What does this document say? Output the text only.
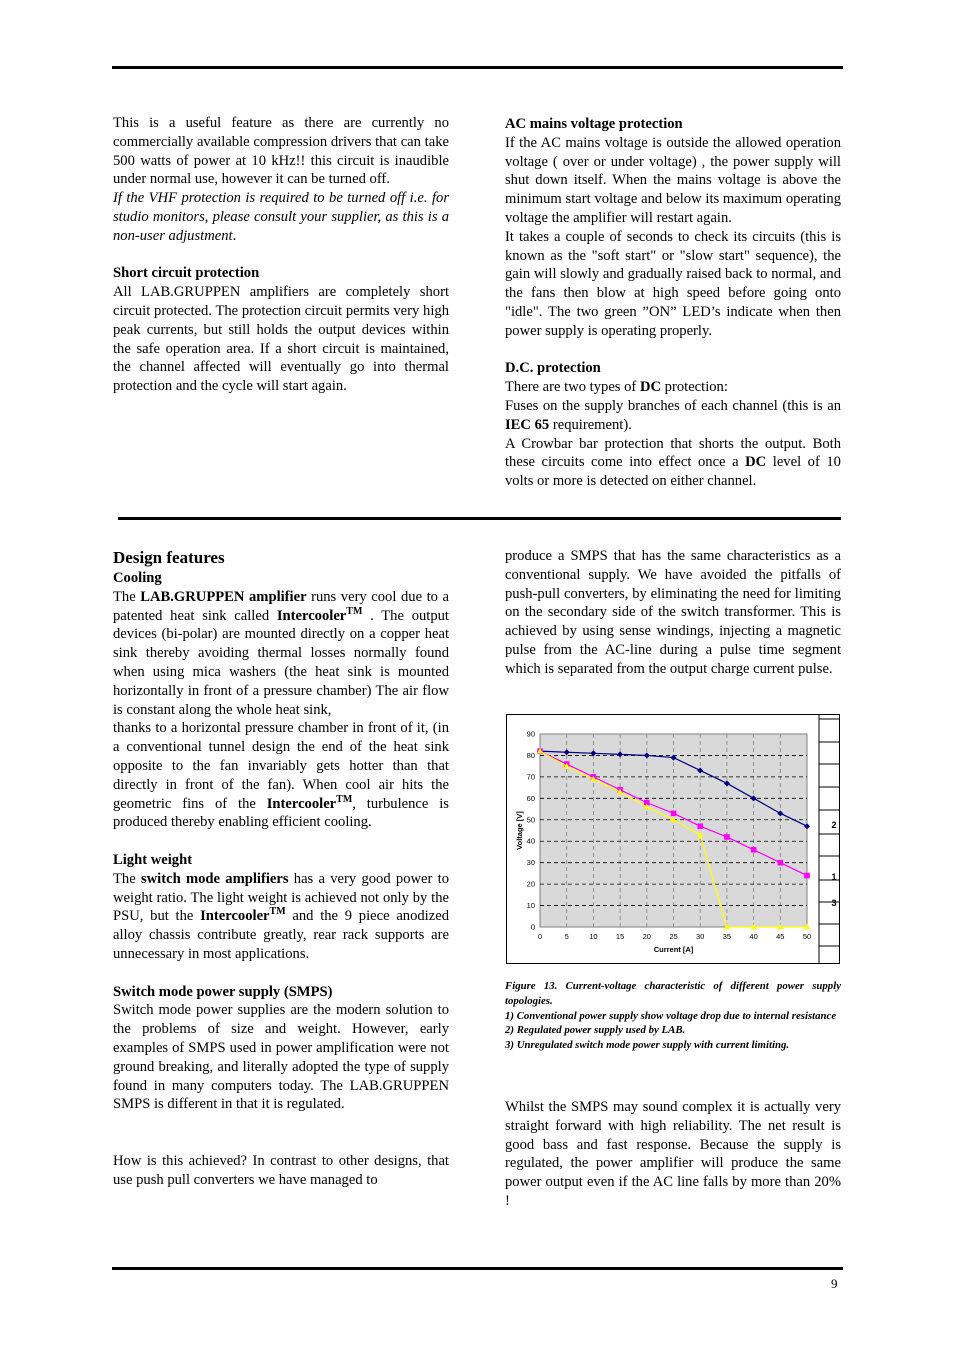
This is a useful feature as there are currently no commercially available compression drivers that can take 500 watts of power at 10 kHz!! this circuit is inaudible under normal use, however it can be turned off.

If the VHF protection is required to be turned off i.e. for studio monitors, please consult your supplier, as this is a non-user adjustment.

Short circuit protection

All LAB.GRUPPEN amplifiers are completely short circuit protected. The protection circuit permits very high peak currents, but still holds the output devices within the safe operation area. If a short circuit is maintained, the channel affected will eventually go into thermal protection and the cycle will start again.

AC mains voltage protection

If the AC mains voltage is outside the allowed operation voltage ( over or under voltage) , the power supply will shut down itself. When the mains voltage is above the minimum start voltage and below its maximum operating voltage the amplifier will restart again.

It takes a couple of seconds to check its circuits (this is known as the "soft start" or "slow start" sequence), the gain will slowly and gradually raised back to normal, and the fans then blow at high speed before going onto "idle". The two green ”ON” LED’s indicate when then power supply is operating properly.

D.C. protection

There are two types of DC protection:

Fuses on the supply branches of each channel (this is an IEC 65 requirement).

A Crowbar bar protection that shorts the output. Both these circuits come into effect once a DC level of 10 volts or more is detected on either channel.

Design features

Cooling

The LAB.GRUPPEN amplifier runs very cool due to a patented heat sink called Intercooler™ . The output devices (bi-polar) are mounted directly on a copper heat sink thereby avoiding thermal losses normally found when using mica washers (the heat sink is mounted horizontally in front of a pressure chamber) The air flow is constant along the whole heat sink,

thanks to a horizontal pressure chamber in front of it, (in a conventional tunnel design the end of the heat sink opposite to the fan invariably gets hotter than that directly in front of the fan). When cool air hits the geometric fins of the Intercooler™, turbulence is produced thereby enabling efficient cooling.

Light weight

The switch mode amplifiers has a very good power to weight ratio. The light weight is achieved not only by the PSU, but the Intercooler™ and the 9 piece anodized alloy chassis contribute greatly, rear rack supports are unnecessary in most applications.

Switch mode power supply (SMPS)

Switch mode power supplies are the modern solution to the problems of size and weight. However, early examples of SMPS used in power amplification were not ground breaking, and literally adopted the type of supply found in many computers today. The LAB.GRUPPEN SMPS is different in that it is regulated.

How is this achieved? In contrast to other designs, that use push pull converters we have managed to

produce a SMPS that has the same characteristics as a conventional supply. We have avoided the pitfalls of push-pull converters, by eliminating the need for limiting on the secondary side of the switch transformer. This is achieved by using sense windings, injecting a magnetic pulse from the AC-line during a pulse time segment which is separated from the output charge current pulse.

0	5	10 15 20 25 30 35 40 45 50
0
10
20
30
40
50
60
70
80
90
Current [A]
Voltage [V]	2
1
3

Figure 13. Current-voltage characteristic of different power supply topologies.

1) Conventional power supply show voltage drop due to internal resistance

2) Regulated power supply used by LAB.

3) Unregulated switch mode power supply with current limiting.

Whilst the SMPS may sound complex it is actually very straight forward with high reliability. The net result is good bass and fast response. Because the supply is regulated, the power amplifier will produce the same power output even if the AC line falls by more than 20% !

9
